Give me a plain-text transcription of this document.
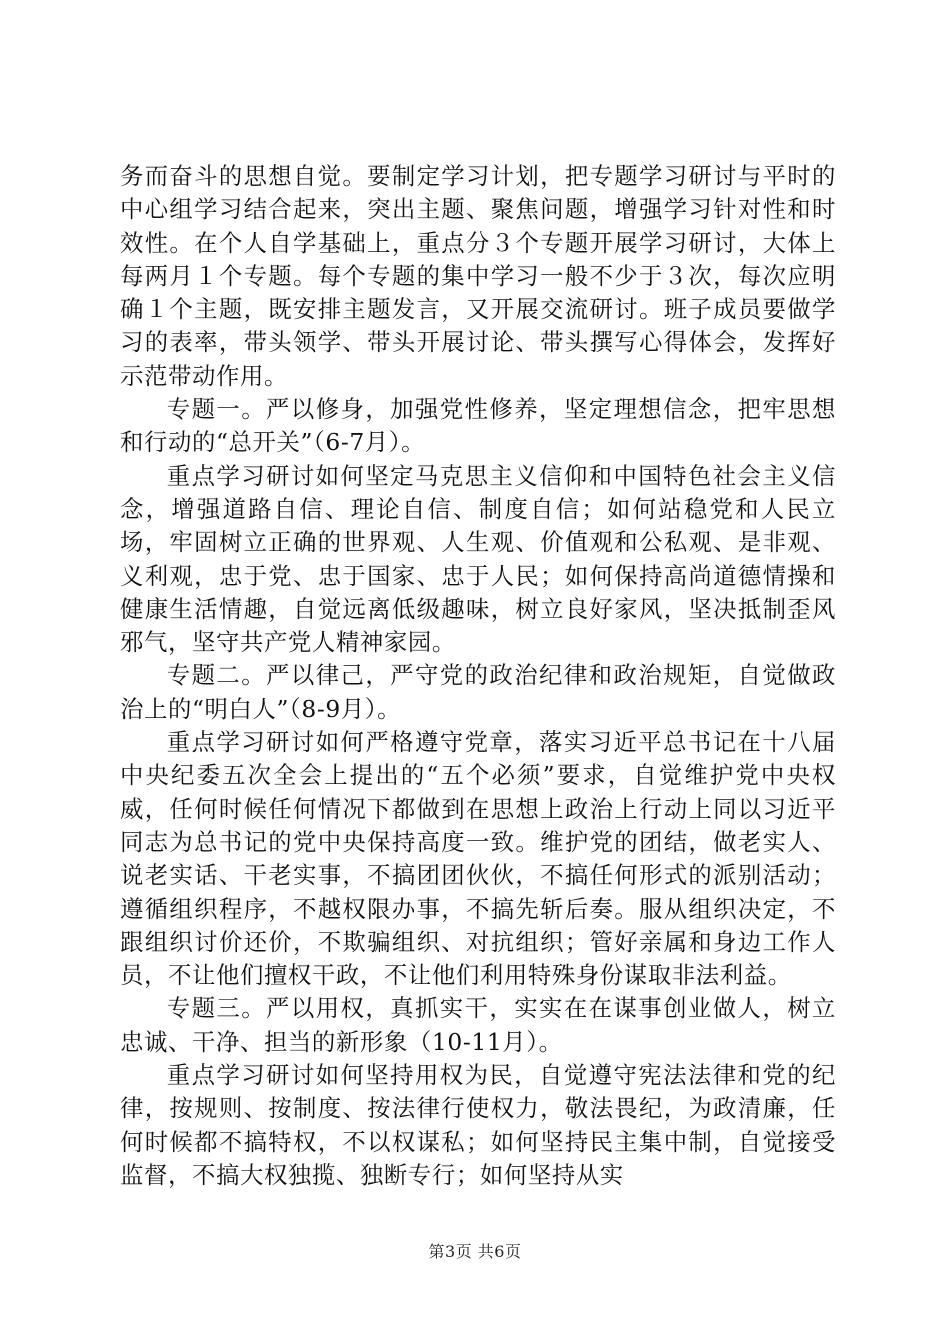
务而奋斗的思想自觉。要制定学习计划，把专题学习研讨与平时的中心组学习结合起来，突出主题、聚焦问题，增强学习针对性和时效性。在个人自学基础上，重点分３个专题开展学习研讨，大体上每两月１个专题。每个专题的集中学习一般不少于３次，每次应明确１个主题，既安排主题发言，又开展交流研讨。班子成员要做学习的表率，带头领学、带头开展讨论、带头撰写心得体会，发挥好示范带动作用。

专题一。严以修身，加强党性修养，坚定理想信念，把牢思想和行动的“总开关”（6-7月）。

重点学习研讨如何坚定马克思主义信仰和中国特色社会主义信念，增强道路自信、理论自信、制度自信；如何站稳党和人民立场，牢固树立正确的世界观、人生观、价值观和公私观、是非观、义利观，忠于党、忠于国家、忠于人民；如何保持高尚道德情操和健康生活情趣，自觉远离低级趣味，树立良好家风，坚决抵制歪风邪气，坚守共产党人精神家园。

专题二。严以律己，严守党的政治纪律和政治规矩，自觉做政治上的“明白人”（8-9月）。

重点学习研讨如何严格遵守党章，落实习近平总书记在十八届中央纪委五次全会上提出的“五个必须”要求，自觉维护党中央权威，任何时候任何情况下都做到在思想上政治上行动上同以习近平同志为总书记的党中央保持高度一致。维护党的团结，做老实人、说老实话、干老实事，不搞团团伙伙，不搞任何形式的派别活动；遵循组织程序，不越权限办事，不搞先斩后奏。服从组织决定，不跟组织讨价还价，不欺骗组织、对抗组织；管好亲属和身边工作人员，不让他们擅权干政，不让他们利用特殊身份谋取非法利益。

专题三。严以用权，真抓实干，实实在在谋事创业做人，树立忠诚、干净、担当的新形象（10-11月）。

重点学习研讨如何坚持用权为民，自觉遵守宪法法律和党的纪律，按规则、按制度、按法律行使权力，敬法畏纪，为政清廉，任何时候都不搞特权，不以权谋私；如何坚持民主集中制，自觉接受监督，不搞大权独揽、独断专行；如何坚持从实

第3页 共6页
